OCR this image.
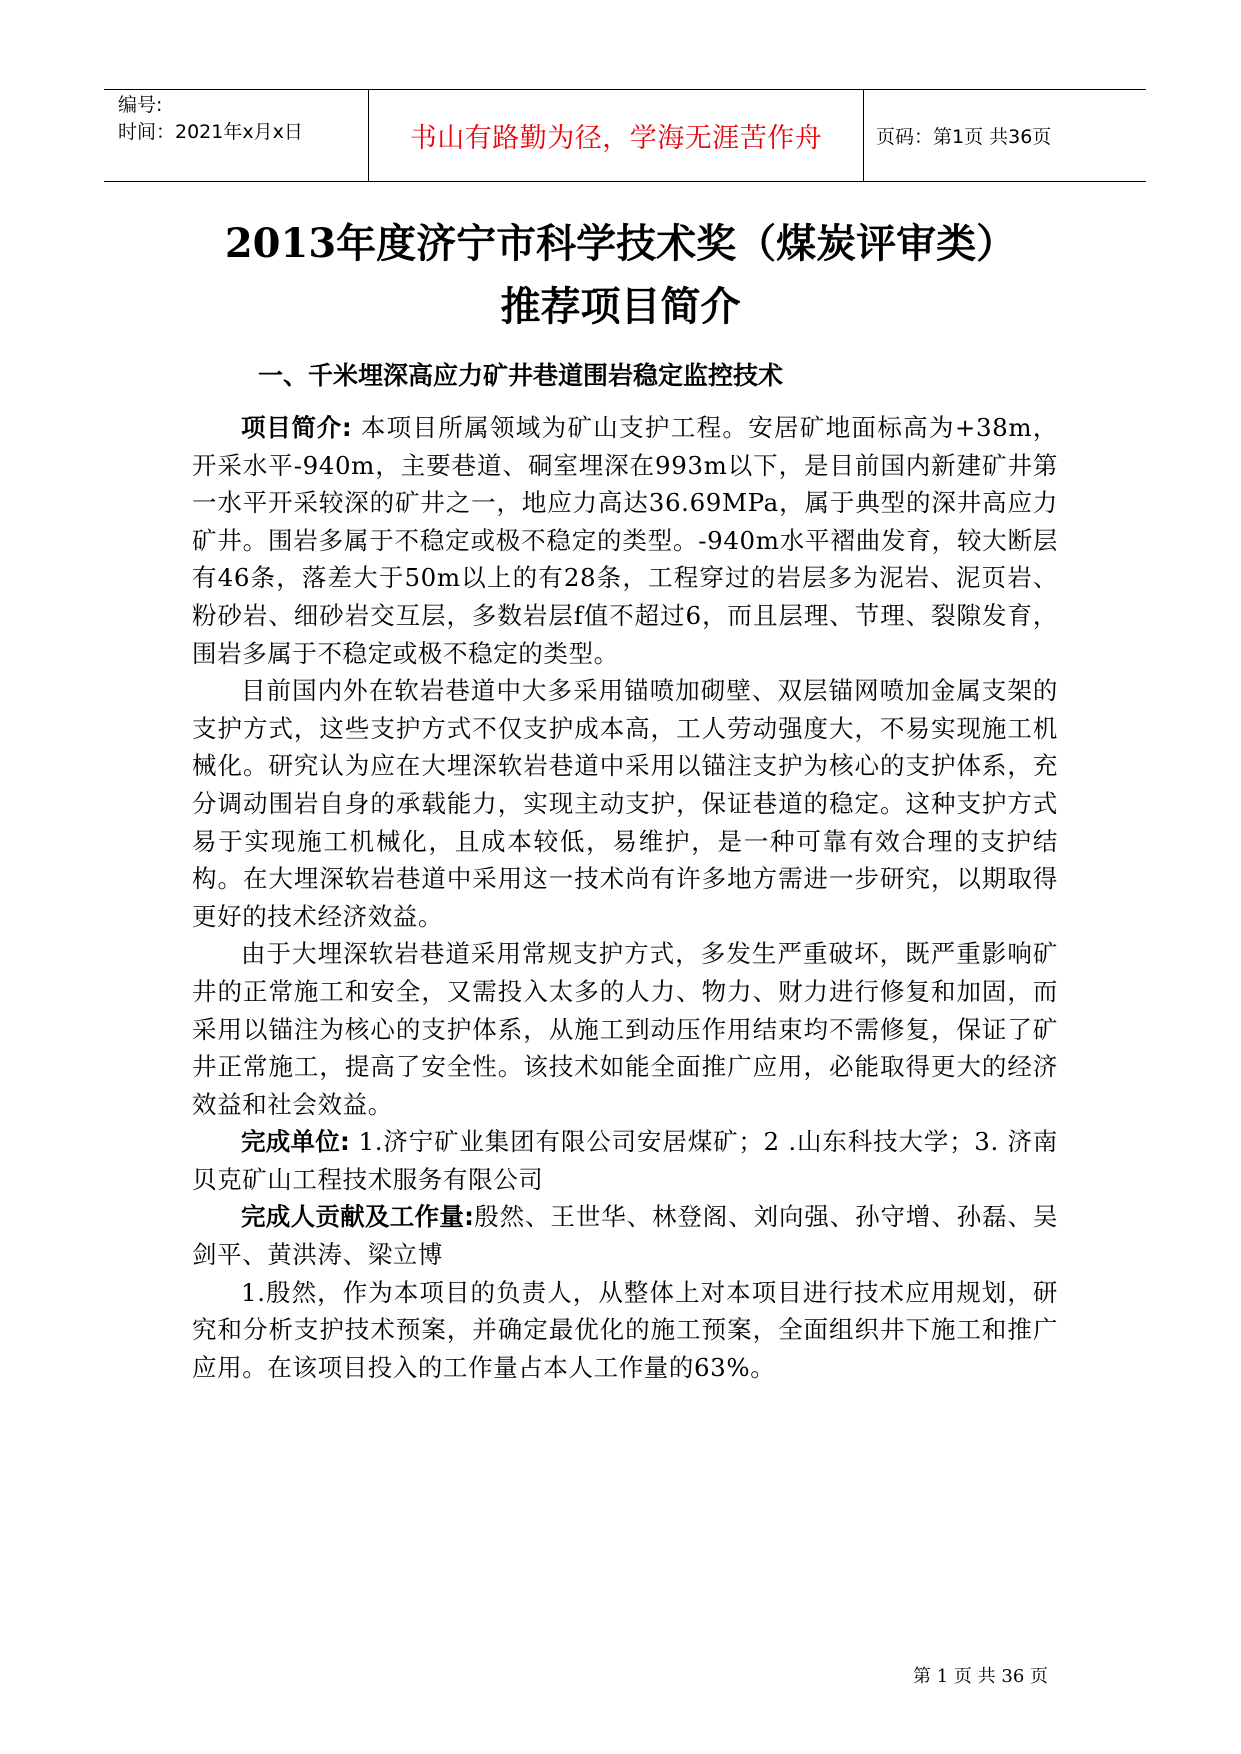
编号:
时间：2021年x月x日	书山有路勤为径，学海无涯苦作舟	页码：第1页 共36页
2013年度济宁市科学技术奖（煤炭评审类）
推荐项目简介
一、千米埋深高应力矿井巷道围岩稳定监控技术

项目简介: 本项目所属领域为矿山支护工程。安居矿地面标高为+38m，开采水平-940m，主要巷道、硐室埋深在993m以下，是目前国内新建矿井第一水平开采较深的矿井之一，地应力高达36.69MPa，属于典型的深井高应力矿井。围岩多属于不稳定或极不稳定的类型。-940m水平褶曲发育，较大断层有46条，落差大于50m以上的有28条，工程穿过的岩层多为泥岩、泥页岩、粉砂岩、细砂岩交互层，多数岩层f值不超过6，而且层理、节理、裂隙发育，围岩多属于不稳定或极不稳定的类型。

目前国内外在软岩巷道中大多采用锚喷加砌壁、双层锚网喷加金属支架的支护方式，这些支护方式不仅支护成本高，工人劳动强度大，不易实现施工机械化。研究认为应在大埋深软岩巷道中采用以锚注支护为核心的支护体系，充分调动围岩自身的承载能力，实现主动支护，保证巷道的稳定。这种支护方式易于实现施工机械化，且成本较低，易维护，是一种可靠有效合理的支护结构。在大埋深软岩巷道中采用这一技术尚有许多地方需进一步研究，以期取得更好的技术经济效益。

由于大埋深软岩巷道采用常规支护方式，多发生严重破坏，既严重影响矿井的正常施工和安全，又需投入太多的人力、物力、财力进行修复和加固，而采用以锚注为核心的支护体系，从施工到动压作用结束均不需修复，保证了矿井正常施工，提高了安全性。该技术如能全面推广应用，必能取得更大的经济效益和社会效益。

完成单位: 1.济宁矿业集团有限公司安居煤矿；2 .山东科技大学；3. 济南贝克矿山工程技术服务有限公司

完成人贡献及工作量:殷然、王世华、林登阁、刘向强、孙守增、孙磊、吴剑平、黄洪涛、梁立博

1.殷然，作为本项目的负责人，从整体上对本项目进行技术应用规划，研究和分析支护技术预案，并确定最优化的施工预案，全面组织井下施工和推广应用。在该项目投入的工作量占本人工作量的63%。

第 1 页 共 36 页
